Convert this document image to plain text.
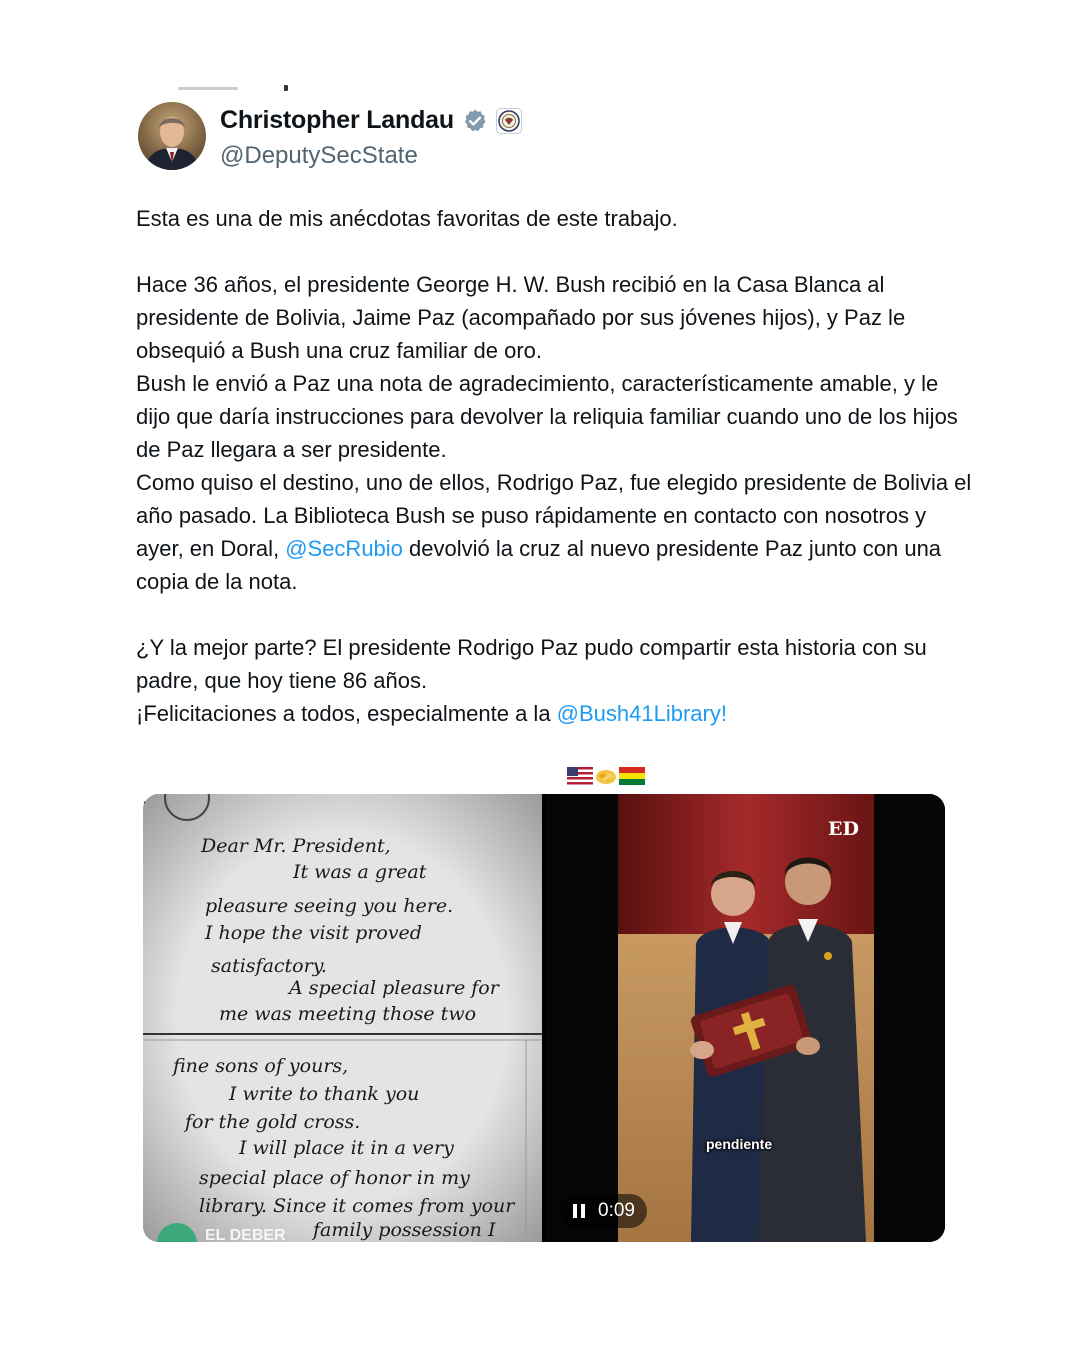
Christopher Landau
@DeputySecState

Esta es una de mis anécdotas favoritas de este trabajo.

Hace 36 años, el presidente George H. W. Bush recibió en la Casa Blanca al presidente de Bolivia, Jaime Paz (acompañado por sus jóvenes hijos), y Paz le obsequió a Bush una cruz familiar de oro.

Bush le envió a Paz una nota de agradecimiento, característicamente amable, y le dijo que daría instrucciones para devolver la reliquia familiar cuando uno de los hijos de Paz llegara a ser presidente.

Como quiso el destino, uno de ellos, Rodrigo Paz, fue elegido presidente de Bolivia el año pasado. La Biblioteca Bush se puso rápidamente en contacto con nosotros y ayer, en Doral, @SecRubio devolvió la cruz al nuevo presidente Paz junto con una copia de la nota.

¿Y la mejor parte? El presidente Rodrigo Paz pudo compartir esta historia con su padre, que hoy tiene 86 años.

¡Felicitaciones a todos, especialmente a la @Bush41Library!

Dear Mr. President,
It was a great
pleasure seeing you here.
I hope the visit proved
satisfactory.
A special pleasure for
me was meeting those two
fine sons of yours,
I write to thank you
for the gold cross.
I will place it in a very
special place of honor in my
library. Since it comes from your
family possession I
EL DEBER
ED
pendiente
0:09
